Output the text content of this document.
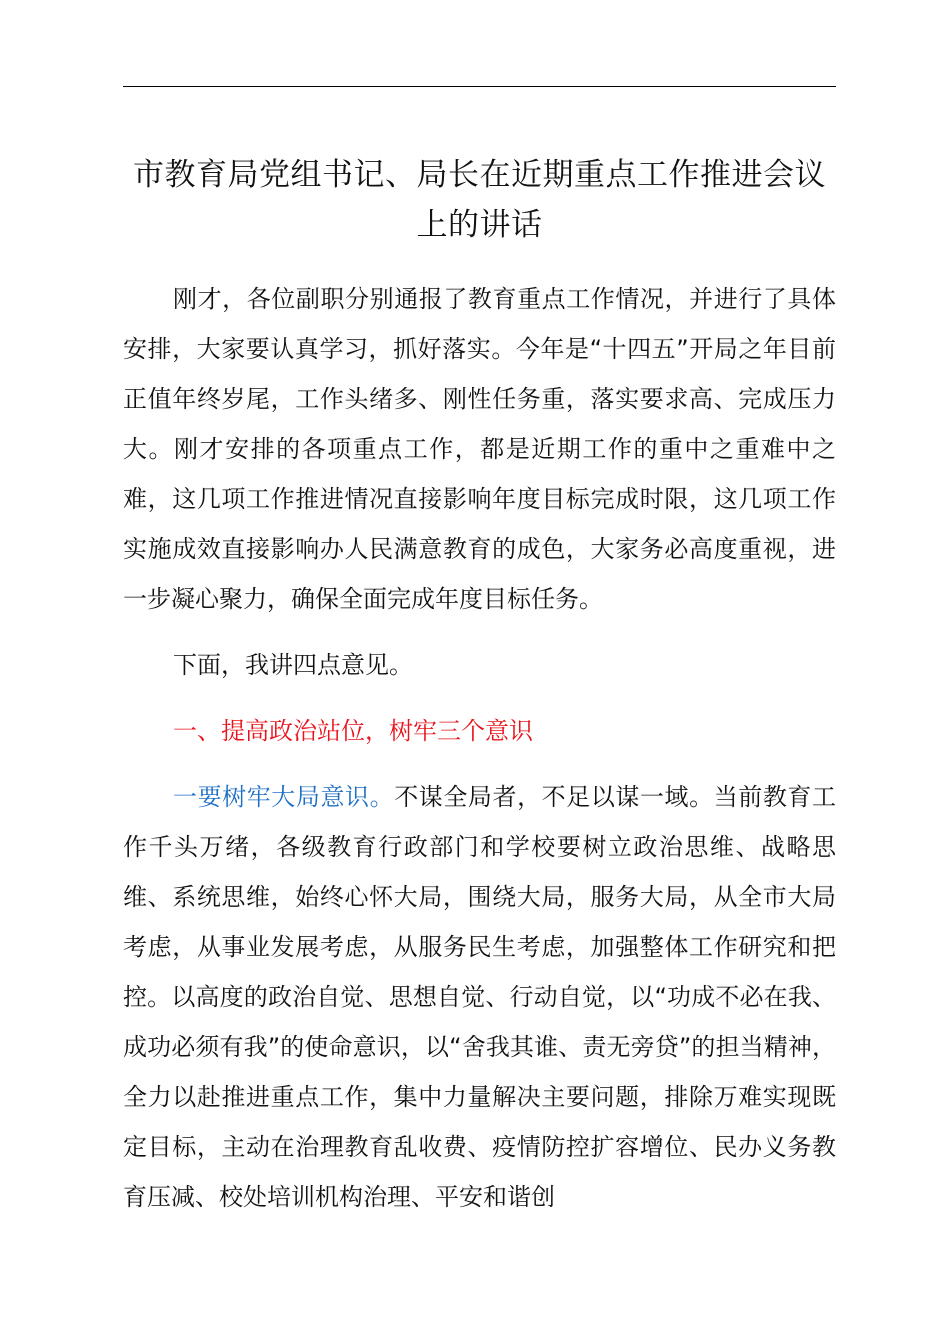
市教育局党组书记、局长在近期重点工作推进会议上的讲话

刚才，各位副职分别通报了教育重点工作情况，并进行了具体安排，大家要认真学习，抓好落实。今年是“十四五”开局之年目前正值年终岁尾，工作头绪多、刚性任务重，落实要求高、完成压力大。刚才安排的各项重点工作，都是近期工作的重中之重难中之难，这几项工作推进情况直接影响年度目标完成时限，这几项工作实施成效直接影响办人民满意教育的成色，大家务必高度重视，进一步凝心聚力，确保全面完成年度目标任务。

下面，我讲四点意见。

一、提高政治站位，树牢三个意识

一要树牢大局意识。不谋全局者，不足以谋一域。当前教育工作千头万绪，各级教育行政部门和学校要树立政治思维、战略思维、系统思维，始终心怀大局，围绕大局，服务大局，从全市大局考虑，从事业发展考虑，从服务民生考虑，加强整体工作研究和把控。以高度的政治自觉、思想自觉、行动自觉，以“功成不必在我、成功必须有我”的使命意识，以“舍我其谁、责无旁贷”的担当精神，全力以赴推进重点工作，集中力量解决主要问题，排除万难实现既定目标，主动在治理教育乱收费、疫情防控扩容增位、民办义务教育压减、校处培训机构治理、平安和谐创
